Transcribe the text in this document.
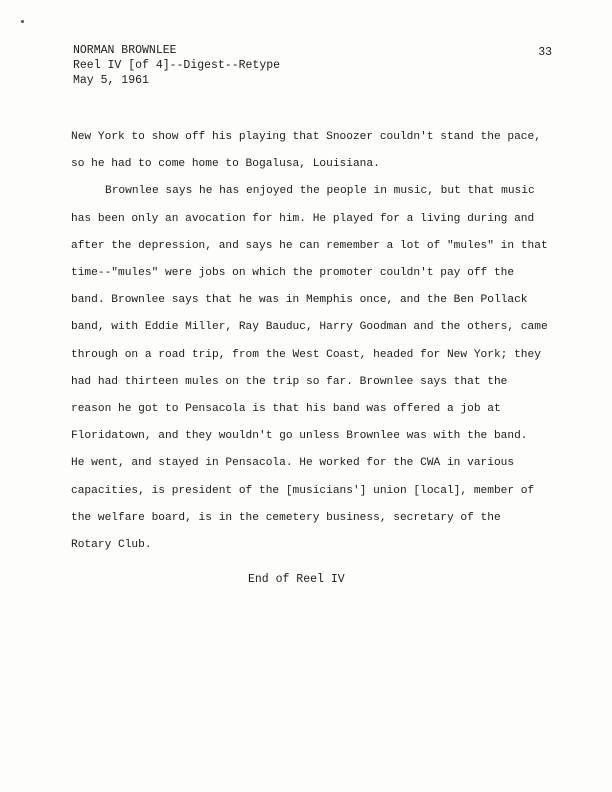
NORMAN BROWNLEE
Reel IV [of 4]--Digest--Retype
May 5, 1961
33

New York to show off his playing that Snoozer couldn't stand the pace,

so he had to come home to Bogalusa, Louisiana.

Brownlee says he has enjoyed the people in music, but that music

has been only an avocation for him. He played for a living during and

after the depression, and says he can remember a lot of "mules" in that

time--"mules" were jobs on which the promoter couldn't pay off the

band. Brownlee says that he was in Memphis once, and the Ben Pollack

band, with Eddie Miller, Ray Bauduc, Harry Goodman and the others, came

through on a road trip, from the West Coast, headed for New York; they

had had thirteen mules on the trip so far. Brownlee says that the

reason he got to Pensacola is that his band was offered a job at

Floridatown, and they wouldn't go unless Brownlee was with the band.

He went, and stayed in Pensacola. He worked for the CWA in various

capacities, is president of the [musicians'] union [local], member of

the welfare board, is in the cemetery business, secretary of the

Rotary Club.

End of Reel IV
